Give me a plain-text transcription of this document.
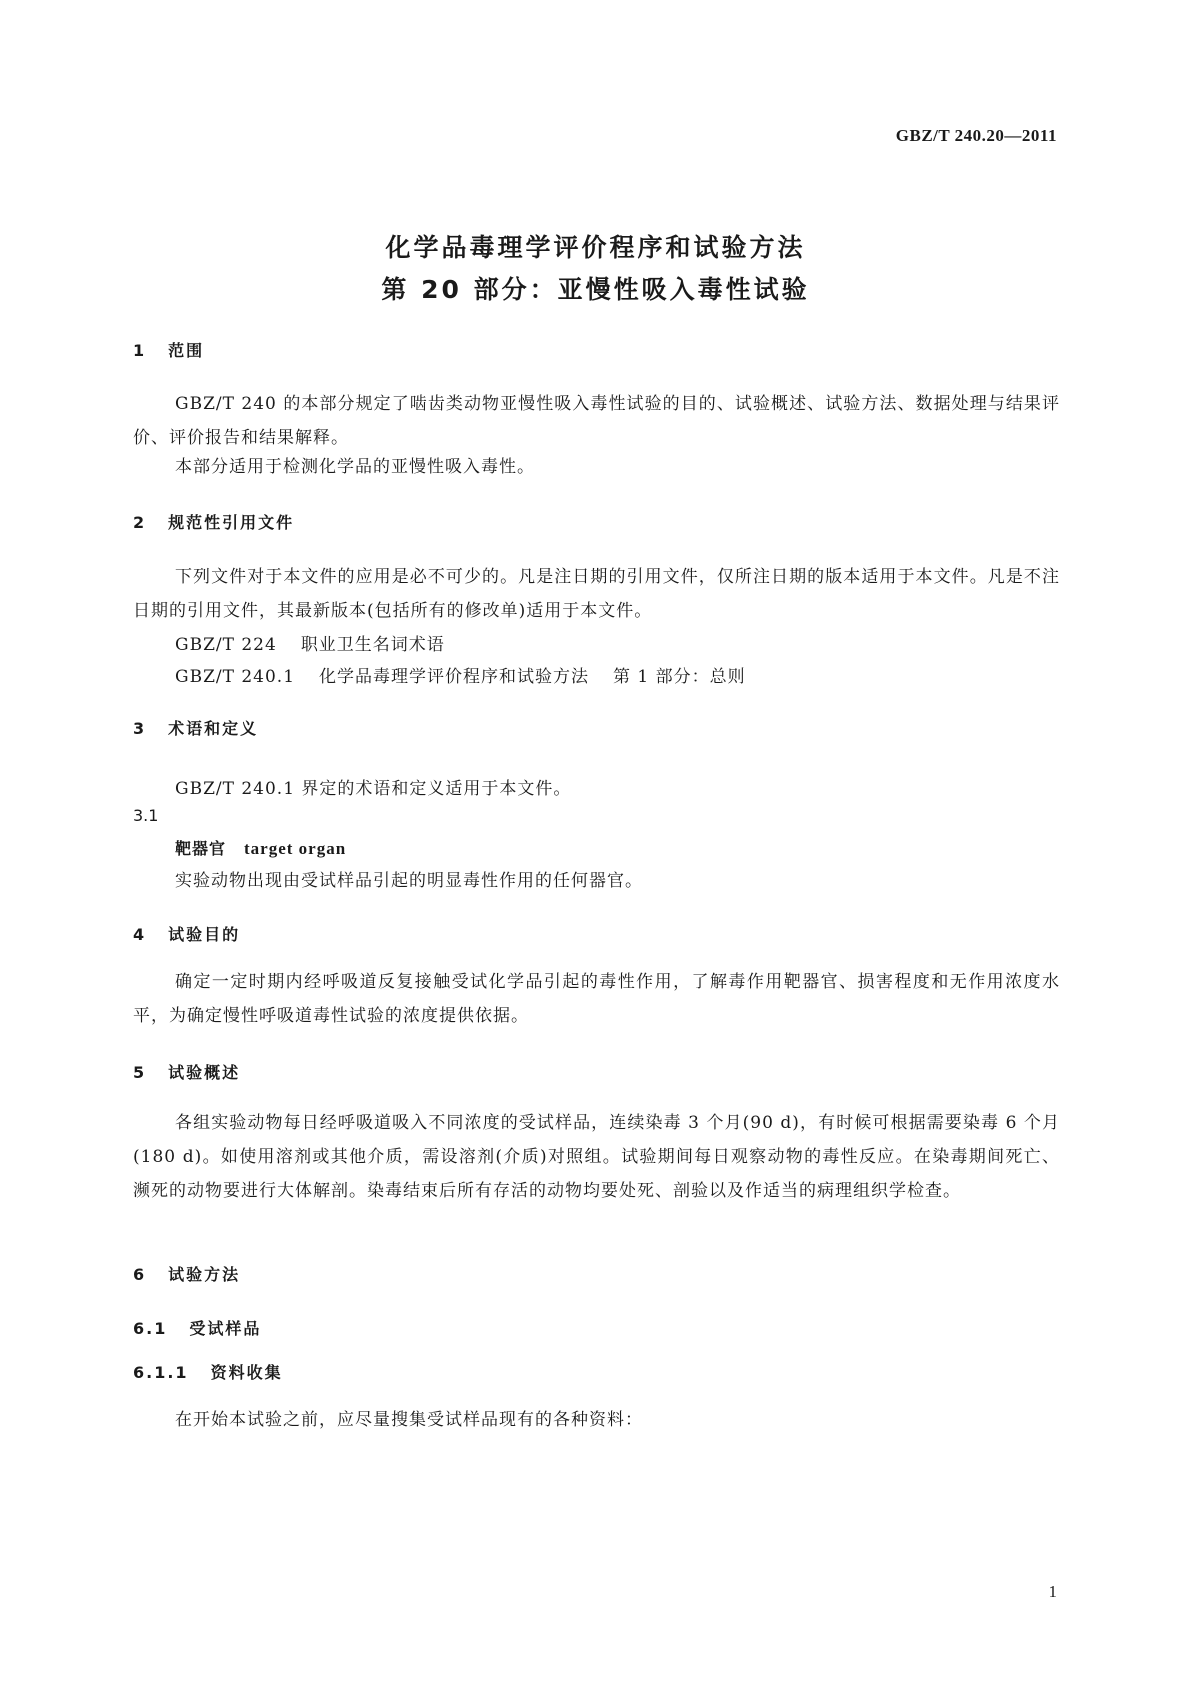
GBZ/T 240.20—2011
化学品毒理学评价程序和试验方法
第 20 部分：亚慢性吸入毒性试验
1 范围
GBZ/T 240 的本部分规定了啮齿类动物亚慢性吸入毒性试验的目的、试验概述、试验方法、数据处理与结果评价、评价报告和结果解释。
本部分适用于检测化学品的亚慢性吸入毒性。
2 规范性引用文件
下列文件对于本文件的应用是必不可少的。凡是注日期的引用文件，仅所注日期的版本适用于本文件。凡是不注日期的引用文件，其最新版本(包括所有的修改单)适用于本文件。
GBZ/T 224 职业卫生名词术语
GBZ/T 240.1 化学品毒理学评价程序和试验方法 第 1 部分：总则
3 术语和定义
GBZ/T 240.1 界定的术语和定义适用于本文件。
3.1
靶器官 target organ
实验动物出现由受试样品引起的明显毒性作用的任何器官。
4 试验目的
确定一定时期内经呼吸道反复接触受试化学品引起的毒性作用，了解毒作用靶器官、损害程度和无作用浓度水平，为确定慢性呼吸道毒性试验的浓度提供依据。
5 试验概述
各组实验动物每日经呼吸道吸入不同浓度的受试样品，连续染毒 3 个月(90 d)，有时候可根据需要染毒 6 个月(180 d)。如使用溶剂或其他介质，需设溶剂(介质)对照组。试验期间每日观察动物的毒性反应。在染毒期间死亡、濒死的动物要进行大体解剖。染毒结束后所有存活的动物均要处死、剖验以及作适当的病理组织学检查。
6 试验方法
6.1 受试样品
6.1.1 资料收集
在开始本试验之前，应尽量搜集受试样品现有的各种资料：
1
